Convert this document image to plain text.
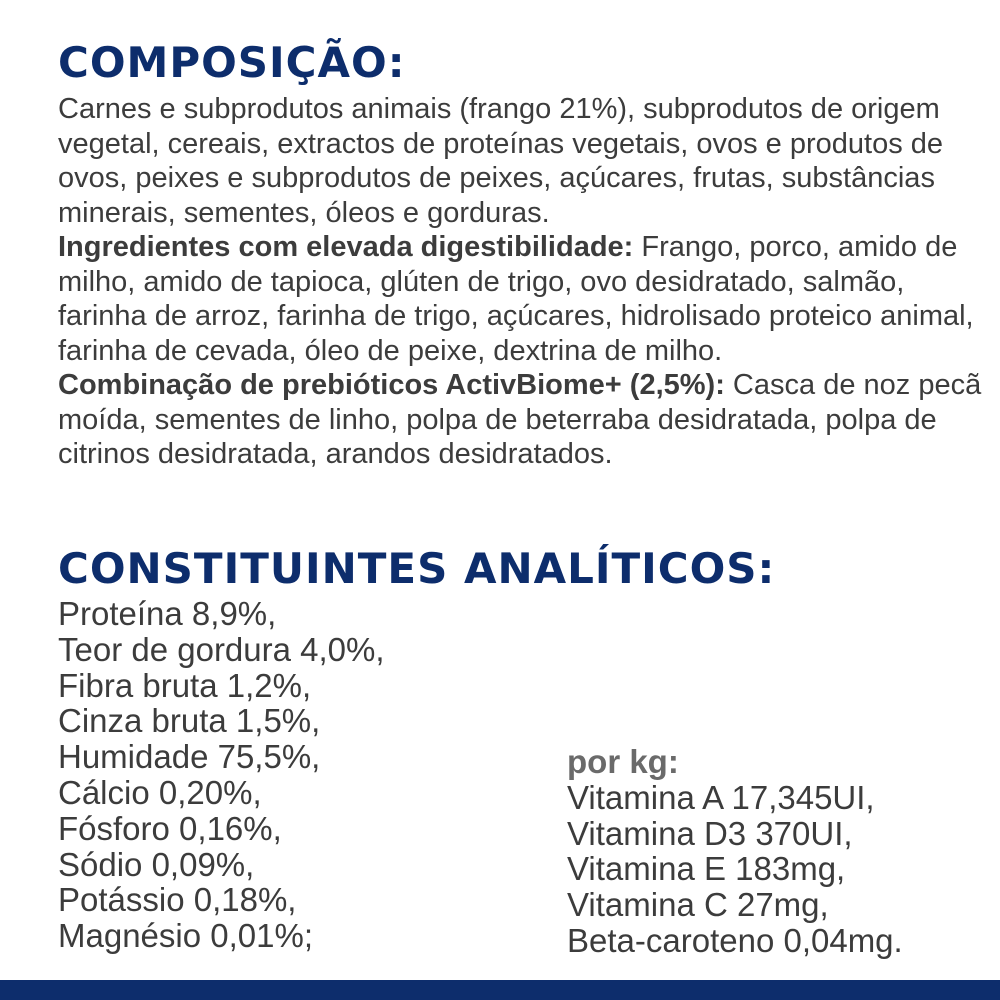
COMPOSIÇÃO:

Carnes e subprodutos animais (frango 21%), subprodutos de origem vegetal, cereais, extractos de proteínas vegetais, ovos e produtos de ovos, peixes e subprodutos de peixes, açúcares, frutas, substâncias minerais, sementes, óleos e gorduras.
Ingredientes com elevada digestibilidade: Frango, porco, amido de milho, amido de tapioca, glúten de trigo, ovo desidratado, salmão, farinha de arroz, farinha de trigo, açúcares, hidrolisado proteico animal, farinha de cevada, óleo de peixe, dextrina de milho.
Combinação de prebióticos ActivBiome+ (2,5%): Casca de noz pecã moída, sementes de linho, polpa de beterraba desidratada, polpa de citrinos desidratada, arandos desidratados.

CONSTITUINTES ANALÍTICOS:
Proteína 8,9%,
Teor de gordura 4,0%,
Fibra bruta 1,2%,
Cinza bruta 1,5%,
Humidade 75,5%,
Cálcio 0,20%,
Fósforo 0,16%,
Sódio 0,09%,
Potássio 0,18%,
Magnésio 0,01%;
por kg:
Vitamina A 17,345UI,
Vitamina D3 370UI,
Vitamina E 183mg,
Vitamina C 27mg,
Beta-caroteno 0,04mg.
